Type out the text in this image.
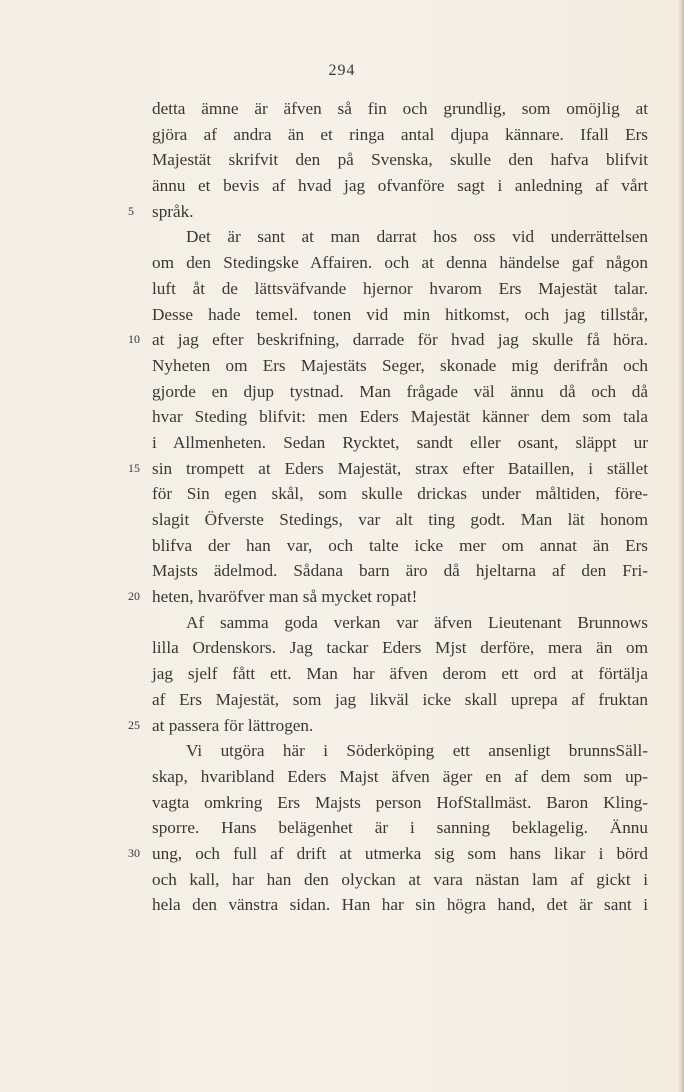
294
detta ämne är äfven så fin och grundlig, som omöjlig at
gjöra af andra än et ringa antal djupa kännare. Ifall Ers
Majestät skrifvit den på Svenska, skulle den hafva blifvit
ännu et bevis af hvad jag ofvanföre sagt i anledning af vårt
5	språk.
Det är sant at man darrat hos oss vid underrättelsen
om den Stedingske Affairen. och at denna händelse gaf någon
luft åt de lättsväfvande hjernor hvarom Ers Majestät talar.
Desse hade temel. tonen vid min hitkomst, och jag tillstår,
10 at jag efter beskrifning, darrade för hvad jag skulle få höra.
Nyheten om Ers Majestäts Seger, skonade mig derifrån och
gjorde en djup tystnad. Man frågade väl ännu då och då
hvar Steding blifvit: men Eders Majestät känner dem som tala
i Allmenheten. Sedan Rycktet, sandt eller osant, släppt ur
15 sin trompett at Eders Majestät, strax efter Bataillen, i stället
för Sin egen skål, som skulle drickas under måltiden, före-
slagit Öfverste Stedings, var alt ting godt. Man lät honom
blifva der han var, och talte icke mer om annat än Ers
Majsts ädelmod. Sådana barn äro då hjeltarna af den Fri-
20 heten, hvaröfver man så mycket ropat!
Af samma goda verkan var äfven Lieutenant Brunnows
lilla Ordenskors. Jag tackar Eders Mjst derföre, mera än om
jag sjelf fått ett. Man har äfven derom ett ord at förtälja
af Ers Majestät, som jag likväl icke skall uprepa af fruktan
25 at passera för lättrogen.
Vi utgöra här i Söderköping ett ansenligt brunnsSäll-
skap, hvaribland Eders Majst äfven äger en af dem som up-
vagta omkring Ers Majsts person HofStallmäst. Baron Kling-
sporre. Hans belägenhet är i sanning beklagelig. Ännu
30 ung, och full af drift at utmerka sig som hans likar i börd
och kall, har han den olyckan at vara nästan lam af gickt i
hela den vänstra sidan. Han har sin högra hand, det är sant i
